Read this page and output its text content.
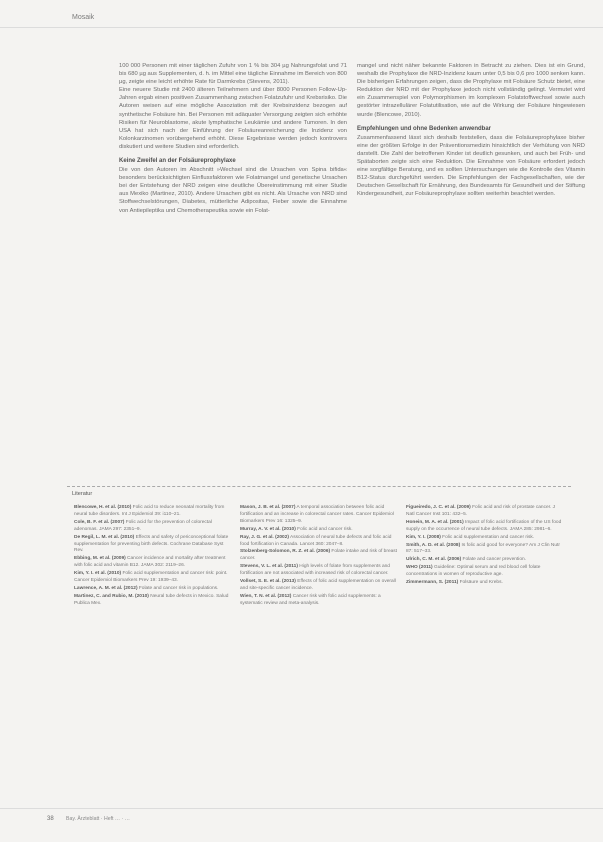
Mosaik

100 000 Personen mit einer täglichen Zufuhr von 1 % bis 304 µg Nahrungsfolat und 71 bis 680 µg aus Supplementen, d. h. im Mittel eine tägliche Einnahme im Bereich von 800 µg, zeigte eine leicht erhöhte Rate für Darmkrebs (Stevens, 2011).

Eine neuere Studie mit 2400 älteren Teilnehmern und über 8000 Personen Follow-Up-Jahren ergab einen positiven Zusammenhang zwischen Folatzufuhr und Krebsrisiko. Die Autoren weisen auf eine mögliche Assoziation mit der Krebsinzidenz bezogen auf synthetische Folsäure hin. Bei Personen mit adäquater Versorgung zeigten sich erhöhte Risiken für Neuroblastome, akute lymphatische Leukämie und andere Tumoren. In den USA hat sich nach der Einführung der Folsäureanreicherung die Inzidenz von Kolonkarzinomen vorübergehend erhöht. Diese Ergebnisse werden jedoch kontrovers diskutiert und weitere Studien sind erforderlich.

Keine Zweifel an der Folsäureprophylaxe

Die von den Autoren im Abschnitt »Wechsel sind die Ursachen von Spina bifida« besonders berücksichtigten Einflussfaktoren wie Folatmangel und genetische Ursachen bei der Entstehung der NRD zeigen eine deutliche Übereinstimmung mit einer Studie aus Mexiko (Martinez, 2010). Andere Ursachen gibt es nicht. Als Ursache von NRD sind Stoffwechselstörungen, Diabetes, mütterliche Adipositas, Fieber sowie die Einnahme von Antiepileptika und Chemotherapeutika sowie ein Folat-

mangel und nicht näher bekannte Faktoren in Betracht zu ziehen. Dies ist ein Grund, weshalb die Prophylaxe die NRD-Inzidenz kaum unter 0,5 bis 0,6 pro 1000 senken kann. Die bisherigen Erfahrungen zeigen, dass die Prophylaxe mit Folsäure Schutz bietet, eine Reduktion der NRD mit der Prophylaxe jedoch nicht vollständig gelingt. Vermutet wird ein Zusammenspiel von Polymorphismen im komplexen Folatstoffwechsel sowie auch gestörter intrazellulärer Folatutilisation, wie auf die Wirkung der Folsäure hingewiesen wurde (Blencowe, 2010).

Empfehlungen und ohne Bedenken anwendbar

Zusammenfassend lässt sich deshalb feststellen, dass die Folsäureprophylaxe bisher eine der größten Erfolge in der Präventionsmedizin hinsichtlich der Verhütung von NRD darstellt. Die Zahl der betroffenen Kinder ist deutlich gesunken, und auch bei Früh- und Spätaborten zeigte sich eine Reduktion. Die Einnahme von Folsäure erfordert jedoch eine sorgfältige Beratung, und es sollten Untersuchungen wie die Kontrolle des Vitamin B12-Status durchgeführt werden. Die Empfehlungen der Fachgesellschaften, wie der Deutschen Gesellschaft für Ernährung, des Bundesamts für Gesundheit und der Stiftung Kindergesundheit, zur Folsäureprophylaxe sollten weiterhin beachtet werden.

Literatur
Blencowe, H. et al. (2010) Folic acid to reduce neonatal mortality from neural tube disorders. Int J Epidemiol 39: i110–21.
Cole, B. F. et al. (2007) Folic acid for the prevention of colorectal adenomas. JAMA 297: 2351–9.
De Regil, L. M. et al. (2010) Effects and safety of periconceptional folate supplementation for preventing birth defects. Cochrane Database Syst Rev.
Ebbing, M. et al. (2009) Cancer incidence and mortality after treatment with folic acid and vitamin B12. JAMA 302: 2119–26.
Kim, Y. I. et al. (2010) Folic acid supplementation and cancer risk: point. Cancer Epidemiol Biomarkers Prev 19: 1939–43.
Lawrence, A. M. et al. (2012) Folate and cancer risk in populations.
Martinez, C. and Rubio, M. (2010) Neural tube defects in Mexico. Salud Publica Mex.
Mason, J. B. et al. (2007) A temporal association between folic acid fortification and an increase in colorectal cancer rates. Cancer Epidemiol Biomarkers Prev 16: 1325–9.
Murray, A. V. et al. (2010) Folic acid and cancer risk.
Ray, J. G. et al. (2002) Association of neural tube defects and folic acid food fortification in Canada. Lancet 360: 2047–8.
Stolzenberg-Solomon, R. Z. et al. (2006) Folate intake and risk of breast cancer.
Stevens, V. L. et al. (2011) High levels of folate from supplements and fortification are not associated with increased risk of colorectal cancer.
Vollset, S. E. et al. (2013) Effects of folic acid supplementation on overall and site-specific cancer incidence.
Wien, T. N. et al. (2012) Cancer risk with folic acid supplements: a systematic review and meta-analysis.
Figueiredo, J. C. et al. (2009) Folic acid and risk of prostate cancer. J Natl Cancer Inst 101: 432–5.
Honein, M. A. et al. (2001) Impact of folic acid fortification of the US food supply on the occurrence of neural tube defects. JAMA 285: 2981–6.
Kim, Y. I. (2008) Folic acid supplementation and cancer risk.
Smith, A. D. et al. (2008) Is folic acid good for everyone? Am J Clin Nutr 87: 517–33.
Ulrich, C. M. et al. (2006) Folate and cancer prevention.
WHO (2011) Guideline: Optimal serum and red blood cell folate concentrations in women of reproductive age.
Zimmermann, S. (2011) Folsäure und Krebs.
38 Bay. Ärzteblatt · Heft … · …
